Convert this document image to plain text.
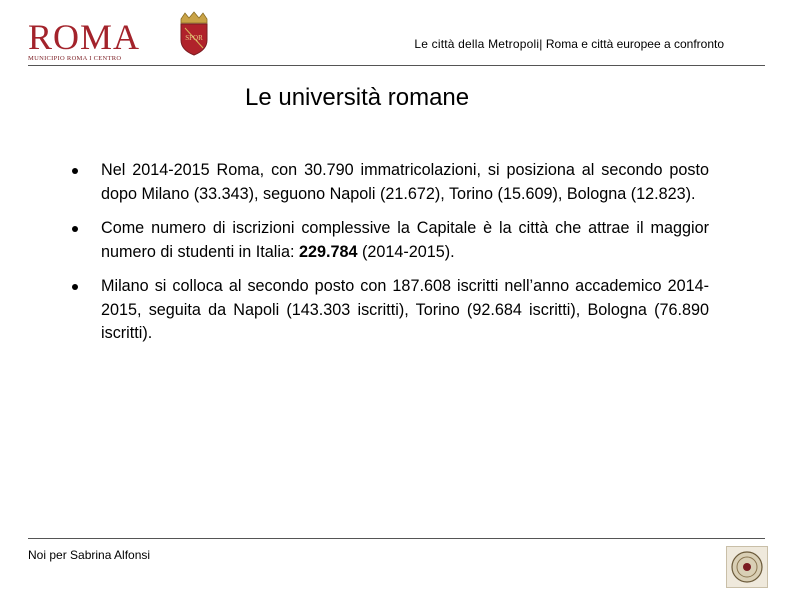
ROMA
MUNICIPIO ROMA I CENTRO
SPQR	Le città della Metropoli| Roma e città europee a confronto
Le università romane
Nel 2014-2015 Roma, con 30.790 immatricolazioni, si posiziona al secondo posto dopo Milano (33.343), seguono Napoli (21.672), Torino (15.609), Bologna (12.823).
Come numero di iscrizioni complessive la Capitale è la città che attrae il maggior numero di studenti in Italia: 229.784 (2014-2015).
Milano si colloca al secondo posto con 187.608 iscritti nell’anno accademico 2014-2015, seguita da Napoli (143.303 iscritti), Torino (92.684 iscritti), Bologna (76.890 iscritti).
Noi per Sabrina Alfonsi
